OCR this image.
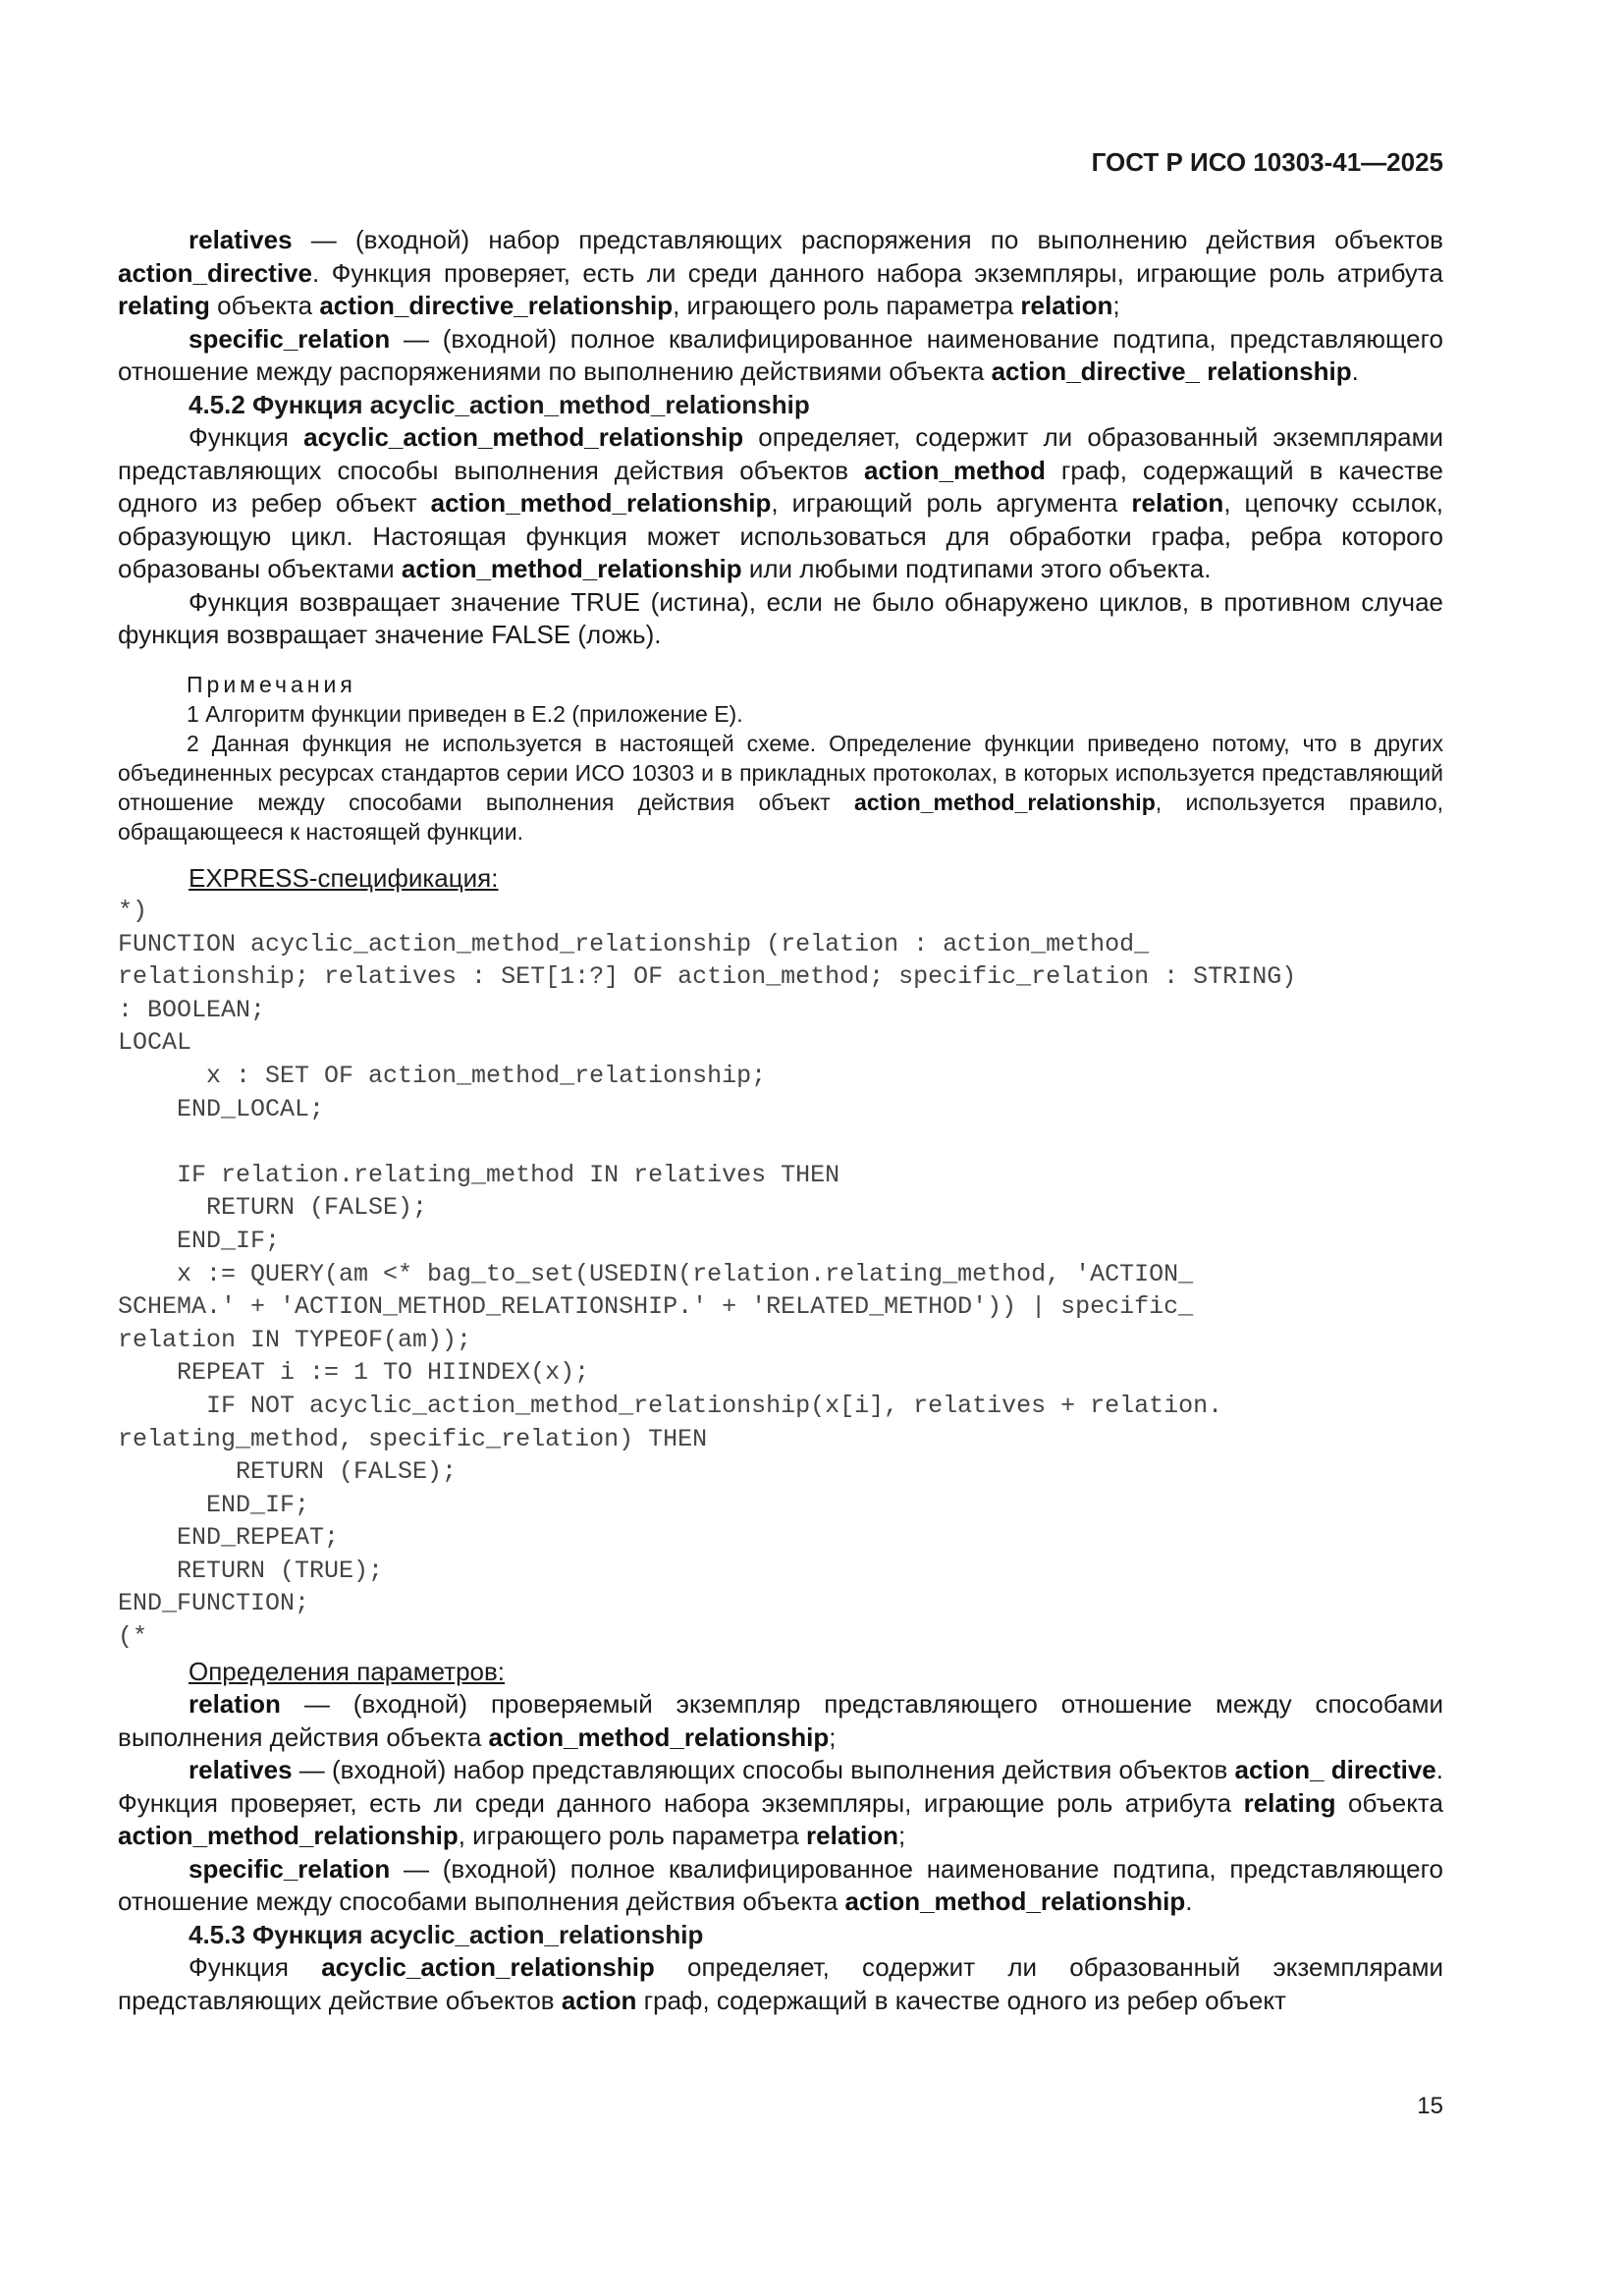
ГОСТ Р ИСО 10303-41—2025

relatives — (входной) набор представляющих распоряжения по выполнению действия объектов action_directive. Функция проверяет, есть ли среди данного набора экземпляры, играющие роль атрибута relating объекта action_directive_relationship, играющего роль параметра relation;

specific_relation — (входной) полное квалифицированное наименование подтипа, представляющего отношение между распоряжениями по выполнению действиями объекта action_directive_ relationship.

4.5.2 Функция acyclic_action_method_relationship

Функция acyclic_action_method_relationship определяет, содержит ли образованный экземплярами представляющих способы выполнения действия объектов action_method граф, содержащий в качестве одного из ребер объект action_method_relationship, играющий роль аргумента relation, цепочку ссылок, образующую цикл. Настоящая функция может использоваться для обработки графа, ребра которого образованы объектами action_method_relationship или любыми подтипами этого объекта.

Функция возвращает значение TRUE (истина), если не было обнаружено циклов, в противном случае функция возвращает значение FALSE (ложь).

Примечания

1 Алгоритм функции приведен в Е.2 (приложение Е).

2 Данная функция не используется в настоящей схеме. Определение функции приведено потому, что в других объединенных ресурсах стандартов серии ИСО 10303 и в прикладных протоколах, в которых используется представляющий отношение между способами выполнения действия объект action_method_relationship, используется правило, обращающееся к настоящей функции.

EXPRESS-спецификация:

*)
FUNCTION acyclic_action_method_relationship (relation : action_method_
relationship; relatives : SET[1:?] OF action_method; specific_relation : STRING)
: BOOLEAN;
LOCAL
x : SET OF action_method_relationship;
END_LOCAL;

IF relation.relating_method IN relatives THEN
RETURN (FALSE);
END_IF;
x := QUERY(am <* bag_to_set(USEDIN(relation.relating_method, 'ACTION_
SCHEMA.' + 'ACTION_METHOD_RELATIONSHIP.' + 'RELATED_METHOD')) | specific_
relation IN TYPEOF(am));
REPEAT i := 1 TO HIINDEX(x);
IF NOT acyclic_action_method_relationship(x[i], relatives + relation.
relating_method, specific_relation) THEN
RETURN (FALSE);
END_IF;
END_REPEAT;
RETURN (TRUE);
END_FUNCTION;
(*

Определения параметров:

relation — (входной) проверяемый экземпляр представляющего отношение между способами выполнения действия объекта action_method_relationship;

relatives — (входной) набор представляющих способы выполнения действия объектов action_ directive. Функция проверяет, есть ли среди данного набора экземпляры, играющие роль атрибута relating объекта action_method_relationship, играющего роль параметра relation;

specific_relation — (входной) полное квалифицированное наименование подтипа, представляющего отношение между способами выполнения действия объекта action_method_relationship.

4.5.3 Функция acyclic_action_relationship

Функция acyclic_action_relationship определяет, содержит ли образованный экземплярами представляющих действие объектов action граф, содержащий в качестве одного из ребер объект

15
